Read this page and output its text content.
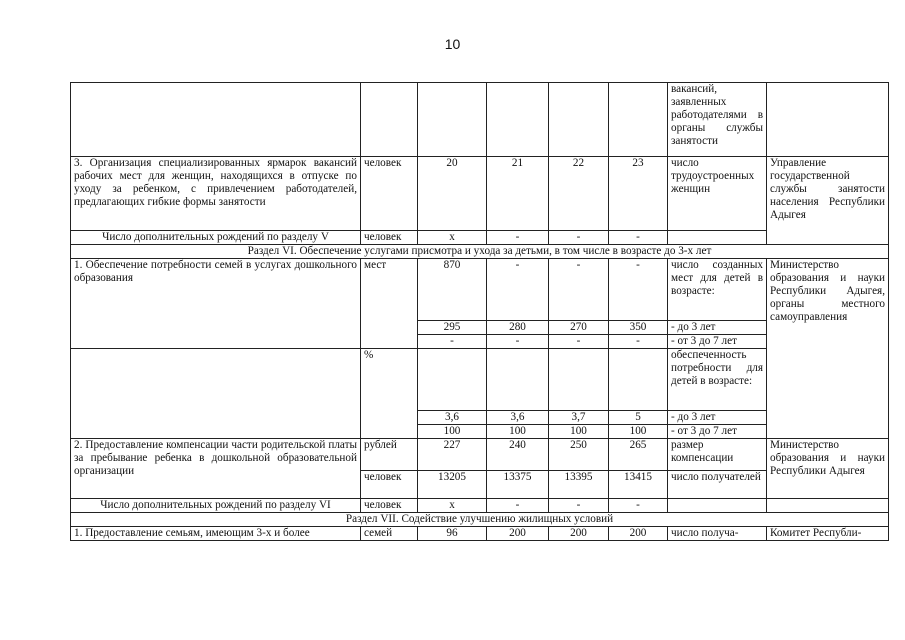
10
						вакансий, заявленных работодателями в органы службы занятости	
3. Организация специализированных ярмарок вакансий рабочих мест для женщин, находящихся в отпуске по уходу за ребенком, с привлечением работодателей, предлагающих гибкие формы занятости	человек	20	21	22	23	число трудоустроенных женщин	Управление государственной службы занятости населения Республики Адыгея
Число дополнительных рождений по разделу V	человек	х	-	-	-		
Раздел VI. Обеспечение услугами присмотра и ухода за детьми, в том числе в возрасте до 3-х лет							
1. Обеспечение потребности семей в услугах дошкольного образования	мест	870	-	-	-	число созданных мест для детей в возрасте:	Министерство образования и науки Республики Адыгея, органы местного самоуправления
		295	280	270	350	- до 3 лет	
		-	-	-	-	- от 3 до 7 лет	
	%					обеспеченность потребности для детей в возрасте:	
		3,6	3,6	3,7	5	- до 3 лет	
		100	100	100	100	- от 3 до 7 лет	
2. Предоставление компенсации части родительской платы за пребывание ребенка в дошкольной образовательной организации	рублей	227	240	250	265	размер компенсации	Министерство образования и науки Республики Адыгея
	человек	13205	13375	13395	13415	число получателей	
Число дополнительных рождений по разделу VI	человек	х	-	-	-		
Раздел VII. Содействие улучшению жилищных условий							
1. Предоставление семьям, имеющим 3-х и более	семей	96	200	200	200	число получа-	Комитет Республи-
